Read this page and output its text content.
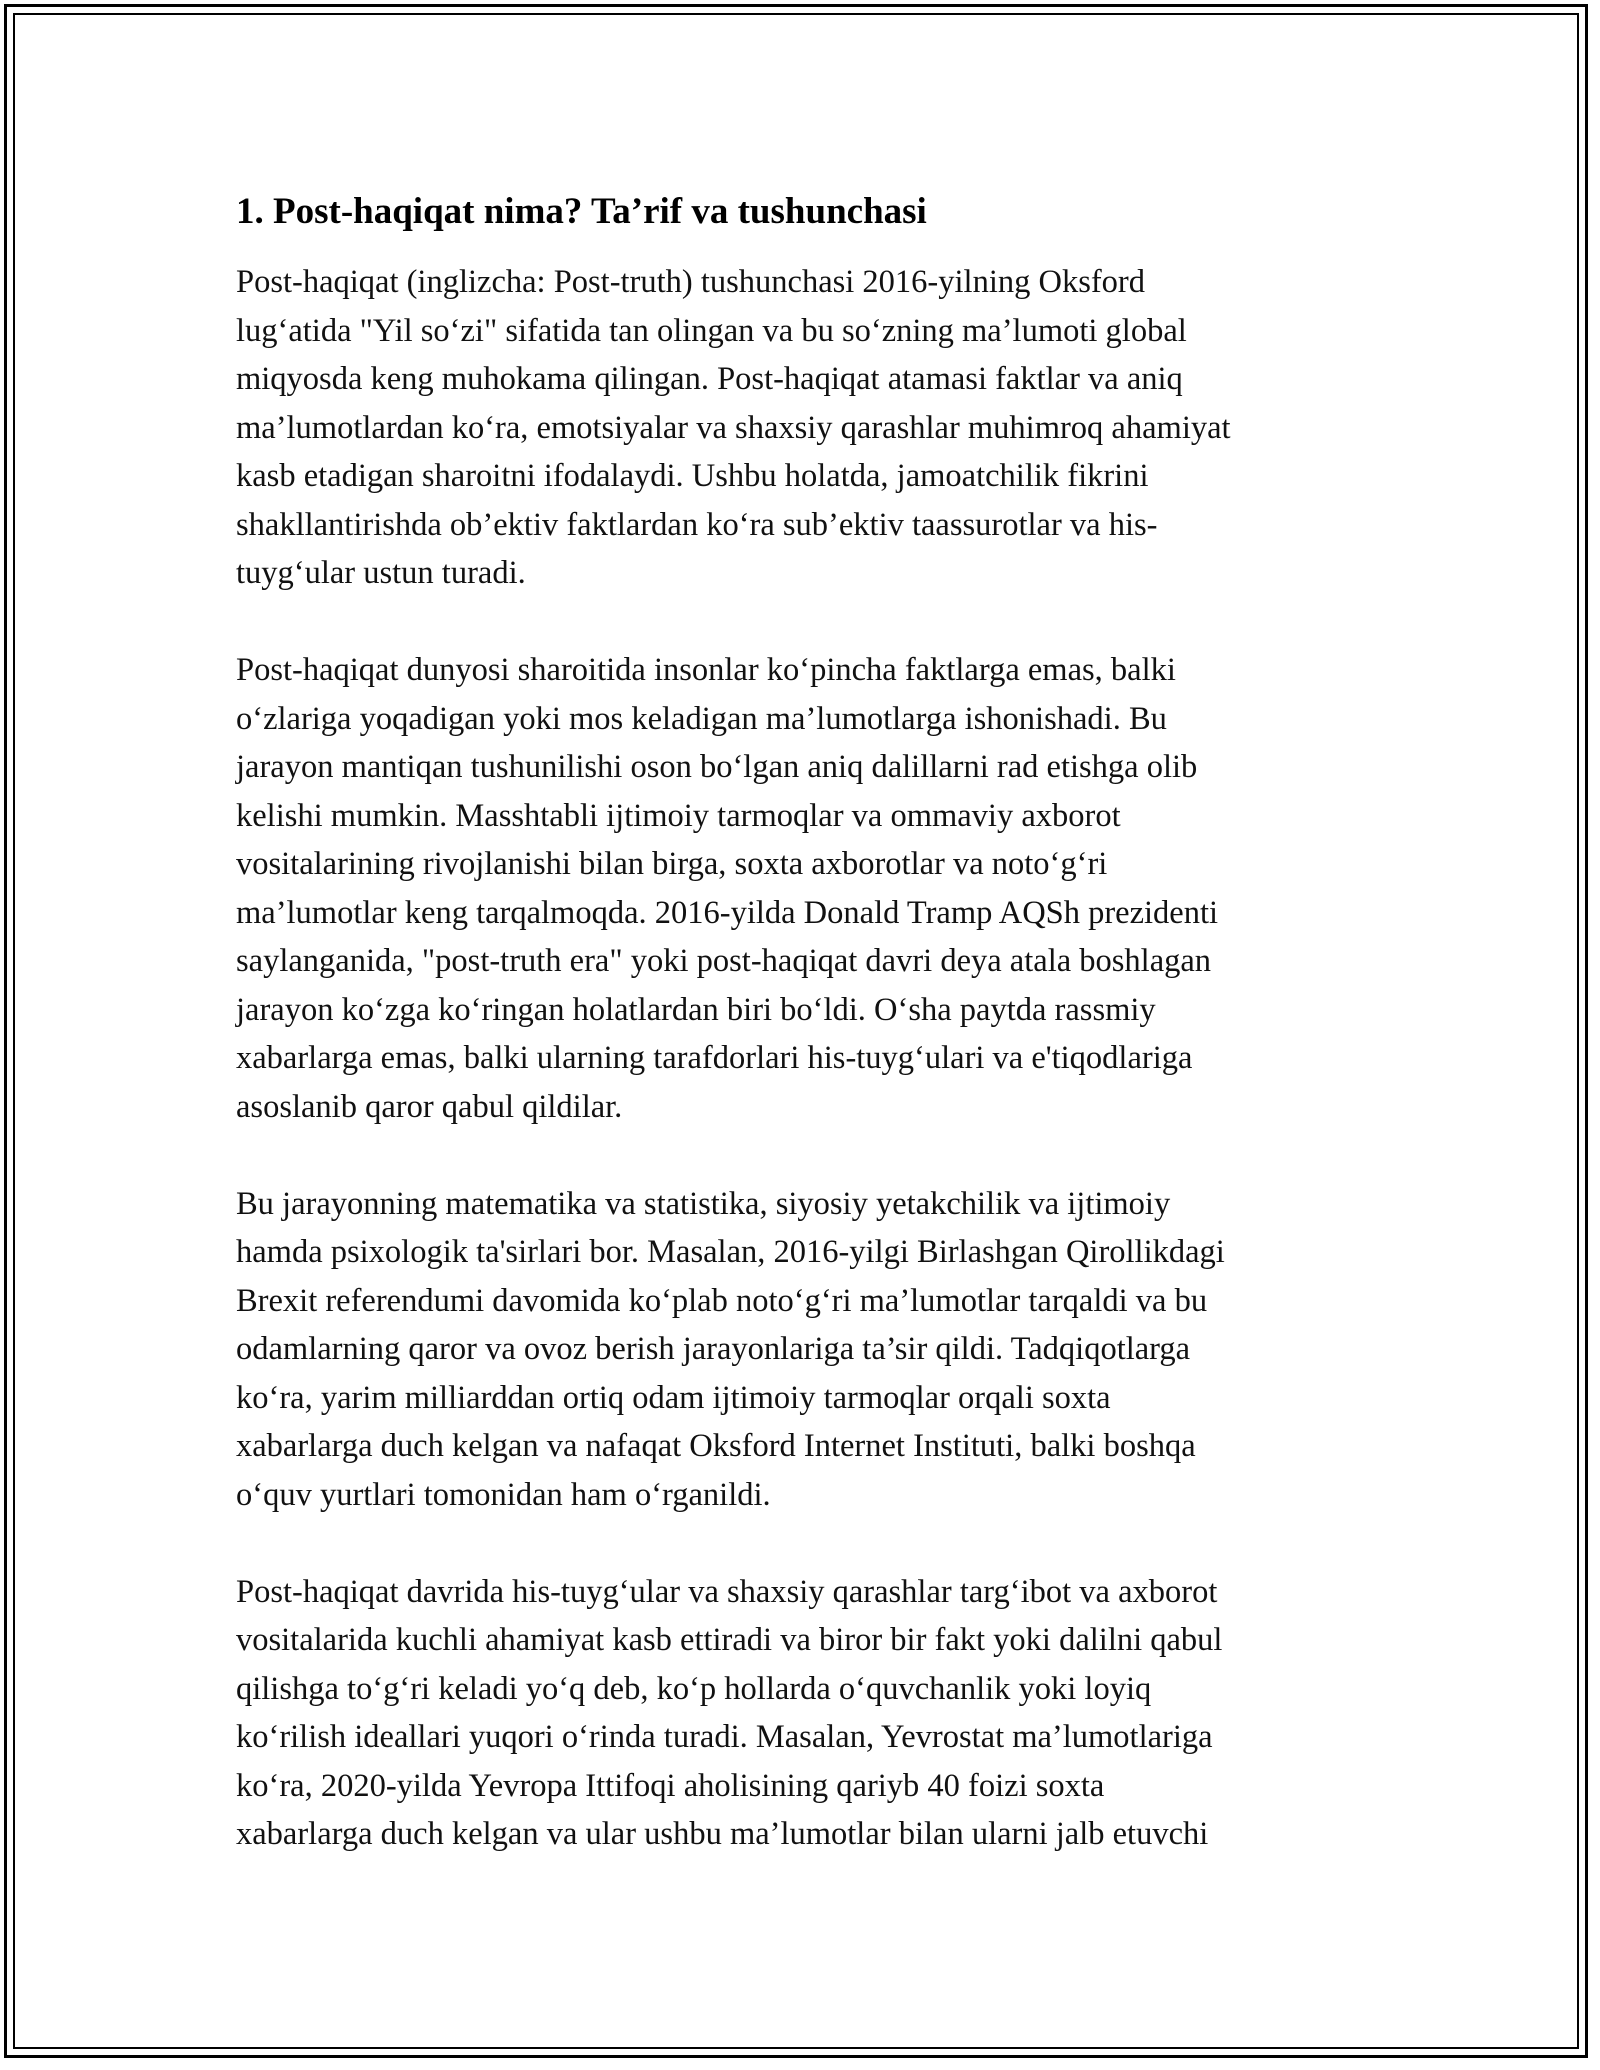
1. Post-haqiqat nima? Ta’rif va tushunchasi

Post-haqiqat (inglizcha: Post-truth) tushunchasi 2016-yilning Oksford
lug‘atida "Yil so‘zi" sifatida tan olingan va bu so‘zning ma’lumoti global
miqyosda keng muhokama qilingan. Post-haqiqat atamasi faktlar va aniq
ma’lumotlardan ko‘ra, emotsiyalar va shaxsiy qarashlar muhimroq ahamiyat
kasb etadigan sharoitni ifodalaydi. Ushbu holatda, jamoatchilik fikrini
shakllantirishda ob’ektiv faktlardan ko‘ra sub’ektiv taassurotlar va his-
tuyg‘ular ustun turadi.

Post-haqiqat dunyosi sharoitida insonlar ko‘pincha faktlarga emas, balki
o‘zlariga yoqadigan yoki mos keladigan ma’lumotlarga ishonishadi. Bu
jarayon mantiqan tushunilishi oson bo‘lgan aniq dalillarni rad etishga olib
kelishi mumkin. Masshtabli ijtimoiy tarmoqlar va ommaviy axborot
vositalarining rivojlanishi bilan birga, soxta axborotlar va noto‘g‘ri
ma’lumotlar keng tarqalmoqda. 2016-yilda Donald Tramp AQSh prezidenti
saylanganida, "post-truth era" yoki post-haqiqat davri deya atala boshlagan
jarayon ko‘zga ko‘ringan holatlardan biri bo‘ldi. O‘sha paytda rassmiy
xabarlarga emas, balki ularning tarafdorlari his-tuyg‘ulari va e'tiqodlariga
asoslanib qaror qabul qildilar.

Bu jarayonning matematika va statistika, siyosiy yetakchilik va ijtimoiy
hamda psixologik ta'sirlari bor. Masalan, 2016-yilgi Birlashgan Qirollikdagi
Brexit referendumi davomida ko‘plab noto‘g‘ri ma’lumotlar tarqaldi va bu
odamlarning qaror va ovoz berish jarayonlariga ta’sir qildi. Tadqiqotlarga
ko‘ra, yarim milliarddan ortiq odam ijtimoiy tarmoqlar orqali soxta
xabarlarga duch kelgan va nafaqat Oksford Internet Instituti, balki boshqa
o‘quv yurtlari tomonidan ham o‘rganildi.

Post-haqiqat davrida his-tuyg‘ular va shaxsiy qarashlar targ‘ibot va axborot
vositalarida kuchli ahamiyat kasb ettiradi va biror bir fakt yoki dalilni qabul
qilishga to‘g‘ri keladi yo‘q deb, ko‘p hollarda o‘quvchanlik yoki loyiq
ko‘rilish ideallari yuqori o‘rinda turadi. Masalan, Yevrostat ma’lumotlariga
ko‘ra, 2020-yilda Yevropa Ittifoqi aholisining qariyb 40 foizi soxta
xabarlarga duch kelgan va ular ushbu ma’lumotlar bilan ularni jalb etuvchi
